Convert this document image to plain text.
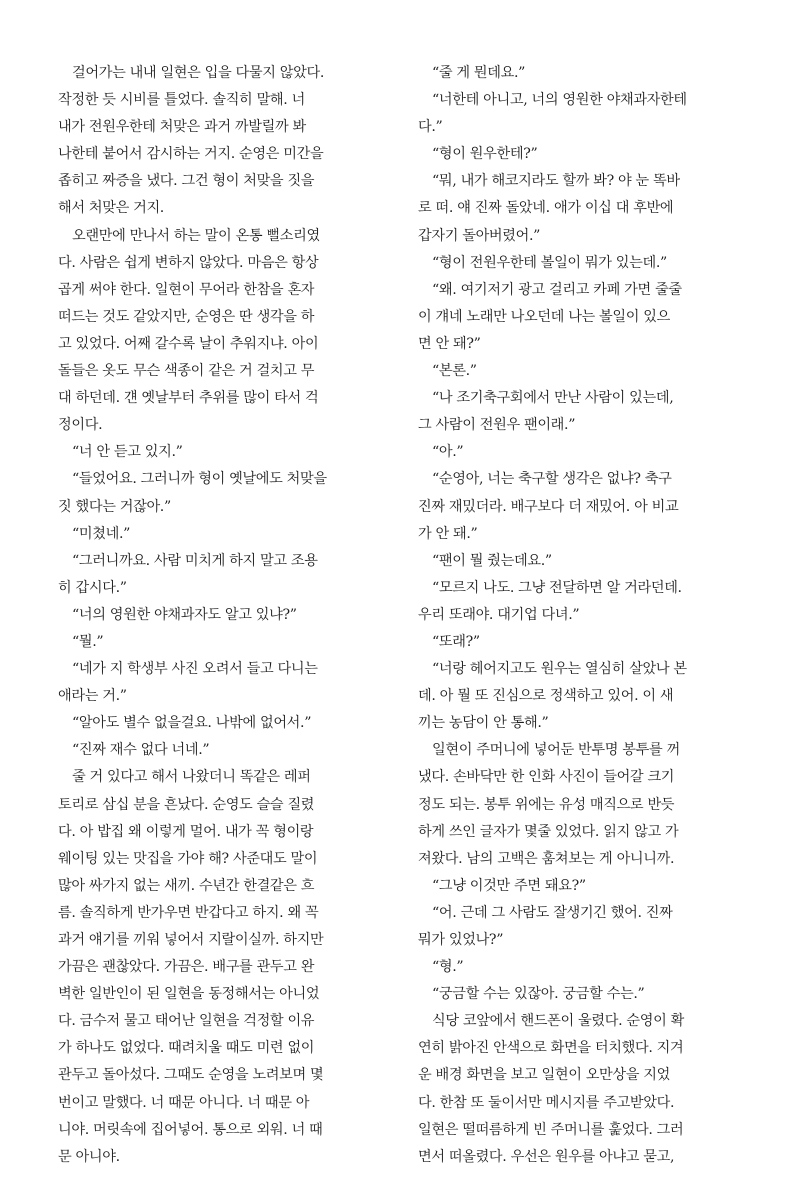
걸어가는 내내 일현은 입을 다물지 않았다.
작정한 듯 시비를 틀었다. 솔직히 말해. 너
내가 전원우한테 처맞은 과거 까발릴까 봐
나한테 붙어서 감시하는 거지. 순영은 미간을
좁히고 짜증을 냈다. 그건 형이 처맞을 짓을
해서 처맞은 거지.
오랜만에 만나서 하는 말이 온통 뻘소리였
다. 사람은 쉽게 변하지 않았다. 마음은 항상
곱게 써야 한다. 일현이 무어라 한참을 혼자
떠드는 것도 같았지만, 순영은 딴 생각을 하
고 있었다. 어째 갈수록 날이 추워지냐. 아이
돌들은 옷도 무슨 색종이 같은 거 걸치고 무
대 하던데. 걘 옛날부터 추위를 많이 타서 걱
정이다.
“너 안 듣고 있지.”
“들었어요. 그러니까 형이 옛날에도 처맞을
짓 했다는 거잖아.”
“미쳤네.”
“그러니까요. 사람 미치게 하지 말고 조용
히 갑시다.”
“너의 영원한 야채과자도 알고 있냐?”
“뭘.”
“네가 지 학생부 사진 오려서 들고 다니는
애라는 거.”
“알아도 별수 없을걸요. 나밖에 없어서.”
“진짜 재수 없다 너네.”
줄 거 있다고 해서 나왔더니 똑같은 레퍼
토리로 삼십 분을 흔났다. 순영도 슬슬 질렸
다. 아 밥집 왜 이렇게 멀어. 내가 꼭 형이랑
웨이팅 있는 맛집을 가야 해? 사준대도 말이
많아 싸가지 없는 새끼. 수년간 한결같은 흐
름. 솔직하게 반가우면 반갑다고 하지. 왜 꼭
과거 얘기를 끼워 넣어서 지랄이실까. 하지만
가끔은 괜찮았다. 가끔은. 배구를 관두고 완
벽한 일반인이 된 일현을 동정해서는 아니었
다. 금수저 물고 태어난 일현을 걱정할 이유
가 하나도 없었다. 때려치울 때도 미련 없이
관두고 돌아섰다. 그때도 순영을 노려보며 몇
번이고 말했다. 너 때문 아니다. 너 때문 아
니야. 머릿속에 집어넣어. 통으로 외워. 너 때
문 아니야.
“줄 게 뭔데요.”
“너한테 아니고, 너의 영원한 야채과자한테
다.”
“형이 원우한테?”
“뭐, 내가 해코지라도 할까 봐? 야 눈 똑바
로 떠. 얘 진짜 돌았네. 애가 이십 대 후반에
갑자기 돌아버렸어.”
“형이 전원우한테 볼일이 뭐가 있는데.”
“왜. 여기저기 광고 걸리고 카페 가면 줄줄
이 걔네 노래만 나오던데 나는 볼일이 있으
면 안 돼?”
“본론.”
“나 조기축구회에서 만난 사람이 있는데,
그 사람이 전원우 팬이래.”
“아.”
“순영아, 너는 축구할 생각은 없냐? 축구
진짜 재밌더라. 배구보다 더 재밌어. 아 비교
가 안 돼.”
“팬이 뭘 줬는데요.”
“모르지 나도. 그냥 전달하면 알 거라던데.
우리 또래야. 대기업 다녀.”
“또래?”
“너랑 헤어지고도 원우는 열심히 살았나 본
데. 아 뭘 또 진심으로 정색하고 있어. 이 새
끼는 농담이 안 통해.”
일현이 주머니에 넣어둔 반투명 봉투를 꺼
냈다. 손바닥만 한 인화 사진이 들어갈 크기
정도 되는. 봉투 위에는 유성 매직으로 반듯
하게 쓰인 글자가 몇줄 있었다. 읽지 않고 가
져왔다. 남의 고백은 훔쳐보는 게 아니니까.
“그냥 이것만 주면 돼요?”
“어. 근데 그 사람도 잘생기긴 했어. 진짜
뭐가 있었나?”
“형.”
“궁금할 수는 있잖아. 궁금할 수는.”
식당 코앞에서 핸드폰이 울렸다. 순영이 확
연히 밝아진 안색으로 화면을 터치했다. 지겨
운 배경 화면을 보고 일현이 오만상을 지었
다. 한참 또 둘이서만 메시지를 주고받았다.
일현은 떨떠름하게 빈 주머니를 훑었다. 그러
면서 떠올렸다. 우선은 원우를 아냐고 묻고,
